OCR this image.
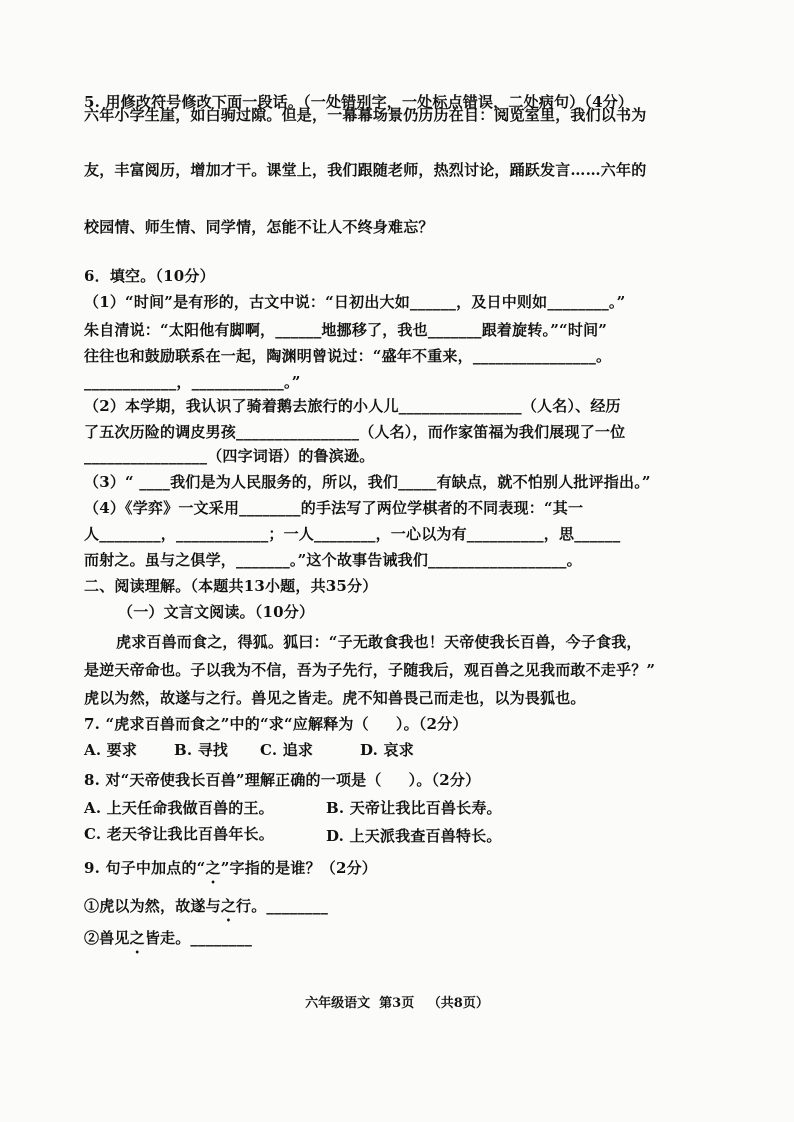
5. 用修改符号修改下面一段话。（一处错别字，一处标点错误，二处病句）（4分）
六年小学生崖，如白驹过隙。但是，一幕幕场景仍历历在目：阅览室里，我们以书为
友，丰富阅历，增加才干。课堂上，我们跟随老师，热烈讨论，踊跃发言……六年的
校园情、师生情、同学情，怎能不让人不终身难忘？
6．填空。（10分）
（1）“时间”是有形的，古文中说：“日初出大如______，及日中则如________。”
朱自清说：“太阳他有脚啊，______地挪移了，我也_______跟着旋转。”“时间”
往往也和鼓励联系在一起，陶渊明曾说过：“盛年不重来，________________。
____________，____________。”
（2）本学期，我认识了骑着鹅去旅行的小人儿________________（人名）、经历
了五次历险的调皮男孩________________（人名），而作家笛福为我们展现了一位
________________（四字词语）的鲁滨逊。
（3）“ ____我们是为人民服务的，所以，我们_____有缺点，就不怕别人批评指出。”
（4）《学弈》一文采用________的手法写了两位学棋者的不同表现：“其一
人________，____________；一人________，一心以为有__________，思______
而射之。虽与之俱学，_______。”这个故事告诫我们__________________。
二、阅读理解。（本题共13小题，共35分）
（一）文言文阅读。（10分）
虎求百兽而食之，得狐。狐曰：“子无敢食我也！天帝使我长百兽，今子食我，
是逆天帝命也。子以我为不信，吾为子先行，子随我后，观百兽之见我而敢不走乎？”
虎以为然，故遂与之行。兽见之皆走。虎不知兽畏己而走也，以为畏狐也。
7. “虎求百兽而食之”中的“求“应解释为（     ）。（2分）
A. 要求 B. 寻找 C. 追求	D. 哀求
8. 对“天帝使我长百兽”理解正确的一项是（     ）。（2分）
A. 上天任命我做百兽的王。	B. 天帝让我比百兽长寿。
C. 老天爷让我比百兽年长。	D. 上天派我查百兽特长。
9. 句子中加点的“之”字指的是谁？（2分）
①虎以为然，故遂与之行。________
②兽见之皆走。________
六年级语文  第3页   （共8页）
